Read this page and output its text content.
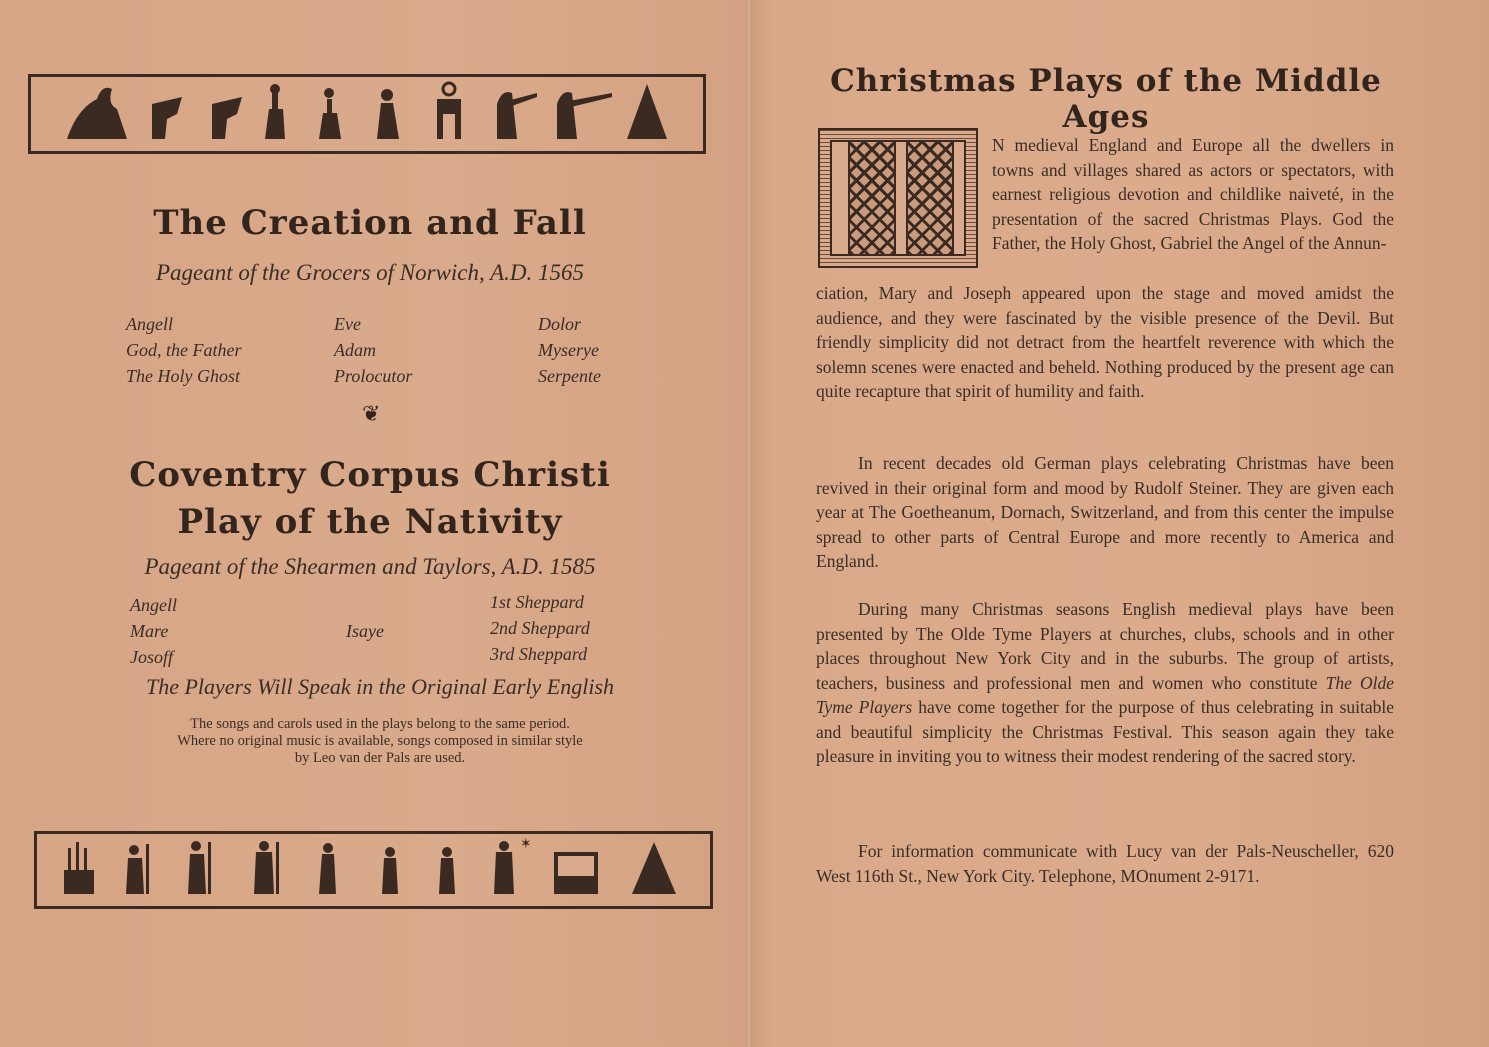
The Creation and Fall
Pageant of the Grocers of Norwich, A.D. 1565
Angell
God, the Father
The Holy Ghost
Eve
Adam
Prolocutor
Dolor
Myserye
Serpente
❦
Coventry Corpus Christi
Play of the Nativity
Pageant of the Shearmen and Taylors, A.D. 1585
Angell
Mare
Josoff
Isaye
1st Sheppard
2nd Sheppard
3rd Sheppard
The Players Will Speak in the Original Early English
The songs and carols used in the plays belong to the same period.
Where no original music is available, songs composed in similar style
by Leo van der Pals are used.
✶
Christmas Plays of the Middle Ages

N medieval England and Europe all the dwellers in towns and villages shared as actors or spectators, with earnest religious devotion and childlike naiveté, in the presentation of the sacred Christmas Plays. God the Father, the Holy Ghost, Gabriel the Angel of the Annun-

ciation, Mary and Joseph appeared upon the stage and moved amidst the audience, and they were fascinated by the visible presence of the Devil. But friendly simplicity did not detract from the heartfelt reverence with which the solemn scenes were enacted and beheld. Nothing produced by the present age can quite recapture that spirit of humility and faith.

In recent decades old German plays celebrating Christmas have been revived in their original form and mood by Rudolf Steiner. They are given each year at The Goetheanum, Dornach, Switzerland, and from this center the impulse spread to other parts of Central Europe and more recently to America and England.

During many Christmas seasons English medieval plays have been presented by The Olde Tyme Players at churches, clubs, schools and in other places throughout New York City and in the suburbs. The group of artists, teachers, business and professional men and women who constitute The Olde Tyme Players have come together for the purpose of thus celebrating in suitable and beautiful simplicity the Christmas Festival. This season again they take pleasure in inviting you to witness their modest rendering of the sacred story.

For information communicate with Lucy van der Pals-Neuscheller, 620 West 116th St., New York City. Telephone, MOnument 2-9171.
